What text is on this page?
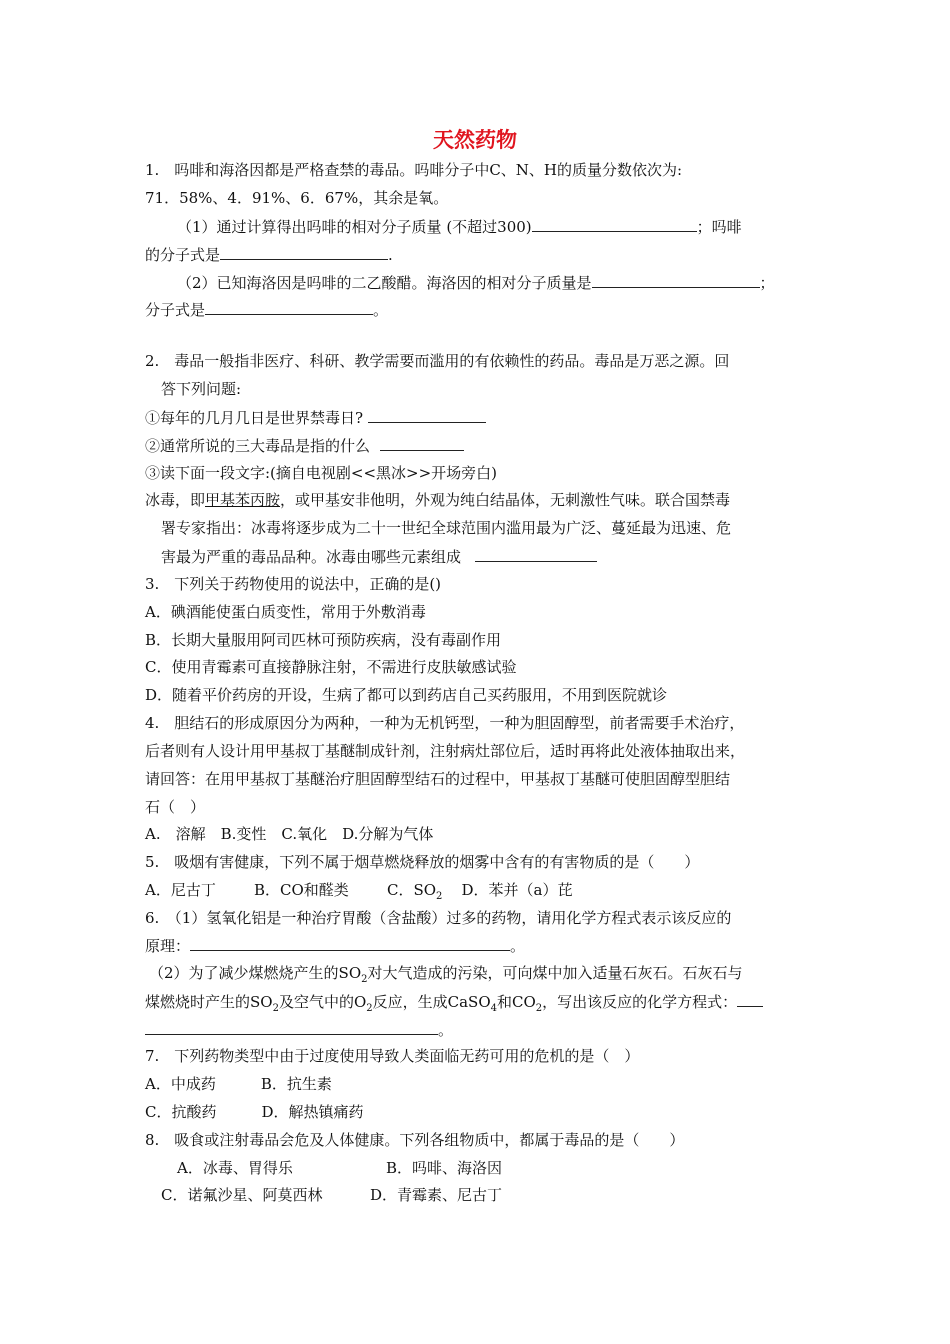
天然药物
1.　吗啡和海洛因都是严格查禁的毒品。吗啡分子中C、N、H的质量分数依次为:
71．58%、4．91%、6．67%，其余是氧。
（1）通过计算得出吗啡的相对分子质量 (不超过300)	；吗啡
的分子式是	.
（2）已知海洛因是吗啡的二乙酸醋。海洛因的相对分子质量是	；
分子式是	。
2.　毒品一般指非医疗、科研、教学需要而滥用的有依赖性的药品。毒品是万恶之源。回
答下列问题:
①每年的几月几日是世界禁毒日?
②通常所说的三大毒品是指的什么
③读下面一段文字:(摘自电视剧<<黑冰>>开场旁白)
冰毒，即甲基苯丙胺，或甲基安非他明，外观为纯白结晶体，无刺激性气味。联合国禁毒
署专家指出：冰毒将逐步成为二十一世纪全球范围内滥用最为广泛、蔓延最为迅速、危
害最为严重的毒品品种。冰毒由哪些元素组成
3.　下列关于药物使用的说法中，正确的是()
A．碘酒能使蛋白质变性，常用于外敷消毒
B．长期大量服用阿司匹林可预防疾病，没有毒副作用
C．使用青霉素可直接静脉注射，不需进行皮肤敏感试验
D．随着平价药房的开设，生病了都可以到药店自己买药服用，不用到医院就诊
4.　胆结石的形成原因分为两种，一种为无机钙型，一种为胆固醇型，前者需要手术治疗，
后者则有人设计用甲基叔丁基醚制成针剂，注射病灶部位后，适时再将此处液体抽取出来，
请回答：在用甲基叔丁基醚治疗胆固醇型结石的过程中，甲基叔丁基醚可使胆固醇型胆结
石（　）
A.　溶解　B.变性　C.氧化　D.分解为气体
5.　吸烟有害健康，下列不属于烟草燃烧释放的烟雾中含有的有害物质的是（　　）
A．尼古丁	B．CO和醛类	C．$SO_2$ D．苯并（a）芘
6.　（1）氢氧化铝是一种治疗胃酸（含盐酸）过多的药物，请用化学方程式表示该反应的
原理：	。
（2）为了减少煤燃烧产生的$SO_2$对大气造成的污染，可向煤中加入适量石灰石。石灰石与
煤燃烧时产生的$SO_2$及空气中的$O_2$反应，生成CaSO$_4$和$CO_2$，写出该反应的化学方程式：
。
7.　下列药物类型中由于过度使用导致人类面临无药可用的危机的是（　）
A．中成药　　　B．抗生素
C．抗酸药　　　D．解热镇痛药
8.　吸食或注射毒品会危及人体健康。下列各组物质中，都属于毒品的是（　　）
A．冰毒、胃得乐	B．吗啡、海洛因
C．诺氟沙星、阿莫西林	D．青霉素、尼古丁
